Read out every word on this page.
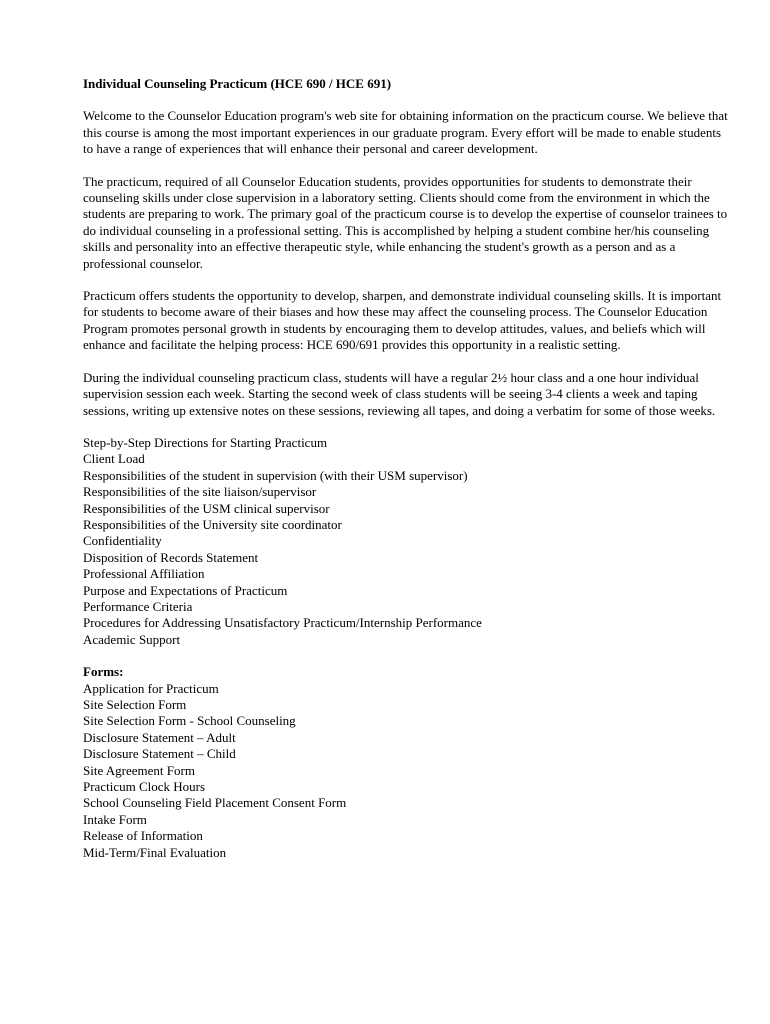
Individual Counseling Practicum (HCE 690 / HCE 691)

Welcome to the Counselor Education program's web site for obtaining information on the practicum course. We believe that this course is among the most important experiences in our graduate program. Every effort will be made to enable students to have a range of experiences that will enhance their personal and career development.

The practicum, required of all Counselor Education students, provides opportunities for students to demonstrate their counseling skills under close supervision in a laboratory setting. Clients should come from the environment in which the students are preparing to work. The primary goal of the practicum course is to develop the expertise of counselor trainees to do individual counseling in a professional setting. This is accomplished by helping a student combine her/his counseling skills and personality into an effective therapeutic style, while enhancing the student's growth as a person and as a professional counselor.

Practicum offers students the opportunity to develop, sharpen, and demonstrate individual counseling skills. It is important for students to become aware of their biases and how these may affect the counseling process. The Counselor Education Program promotes personal growth in students by encouraging them to develop attitudes, values, and beliefs which will enhance and facilitate the helping process: HCE 690/691 provides this opportunity in a realistic setting.

During the individual counseling practicum class, students will have a regular 2½ hour class and a one hour individual supervision session each week. Starting the second week of class students will be seeing 3-4 clients a week and taping sessions, writing up extensive notes on these sessions, reviewing all tapes, and doing a verbatim for some of those weeks.

Step-by-Step Directions for Starting Practicum
Client Load
Responsibilities of the student in supervision (with their USM supervisor)
Responsibilities of the site liaison/supervisor
Responsibilities of the USM clinical supervisor
Responsibilities of the University site coordinator
Confidentiality
Disposition of Records Statement
Professional Affiliation
Purpose and Expectations of Practicum
Performance Criteria
Procedures for Addressing Unsatisfactory Practicum/Internship Performance
Academic Support
Forms:
Application for Practicum
Site Selection Form
Site Selection Form - School Counseling
Disclosure Statement – Adult
Disclosure Statement – Child
Site Agreement Form
Practicum Clock Hours
School Counseling Field Placement Consent Form
Intake Form
Release of Information
Mid-Term/Final Evaluation
